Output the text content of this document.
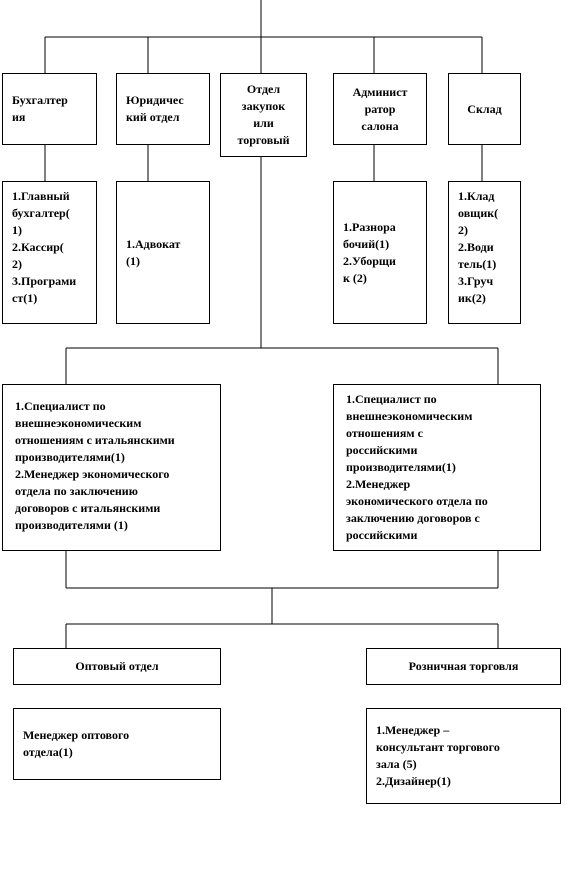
Бухгалтер
ия
Юридичес
кий отдел
Отдел
закупок
или
торговый
Админист
ратор
салона
Склад
1.Главный
бухгалтер(
1)
2.Кассир(
2)
3.Програми
ст(1)
1.Адвокат
(1)
1.Разнора
бочий(1)
2.Уборщи
к (2)
1.Клад
овщик(
2)
2.Води
тель(1)
3.Груч
ик(2)
1.Специалист по
внешнеэкономическим
отношениям с итальянскими
производителями(1)
2.Менеджер экономического
отдела по заключению
договоров с итальянскими
производителями (1)
1.Специалист по
внешнеэкономическим
отношениям с
российскими
производителями(1)
2.Менеджер
экономического отдела по
заключению договоров с
российскими
Оптовый отдел	Розничная торговля
Менеджер оптового
отдела(1)
1.Менеджер –
консультант торгового
зала (5)
2.Дизайнер(1)
